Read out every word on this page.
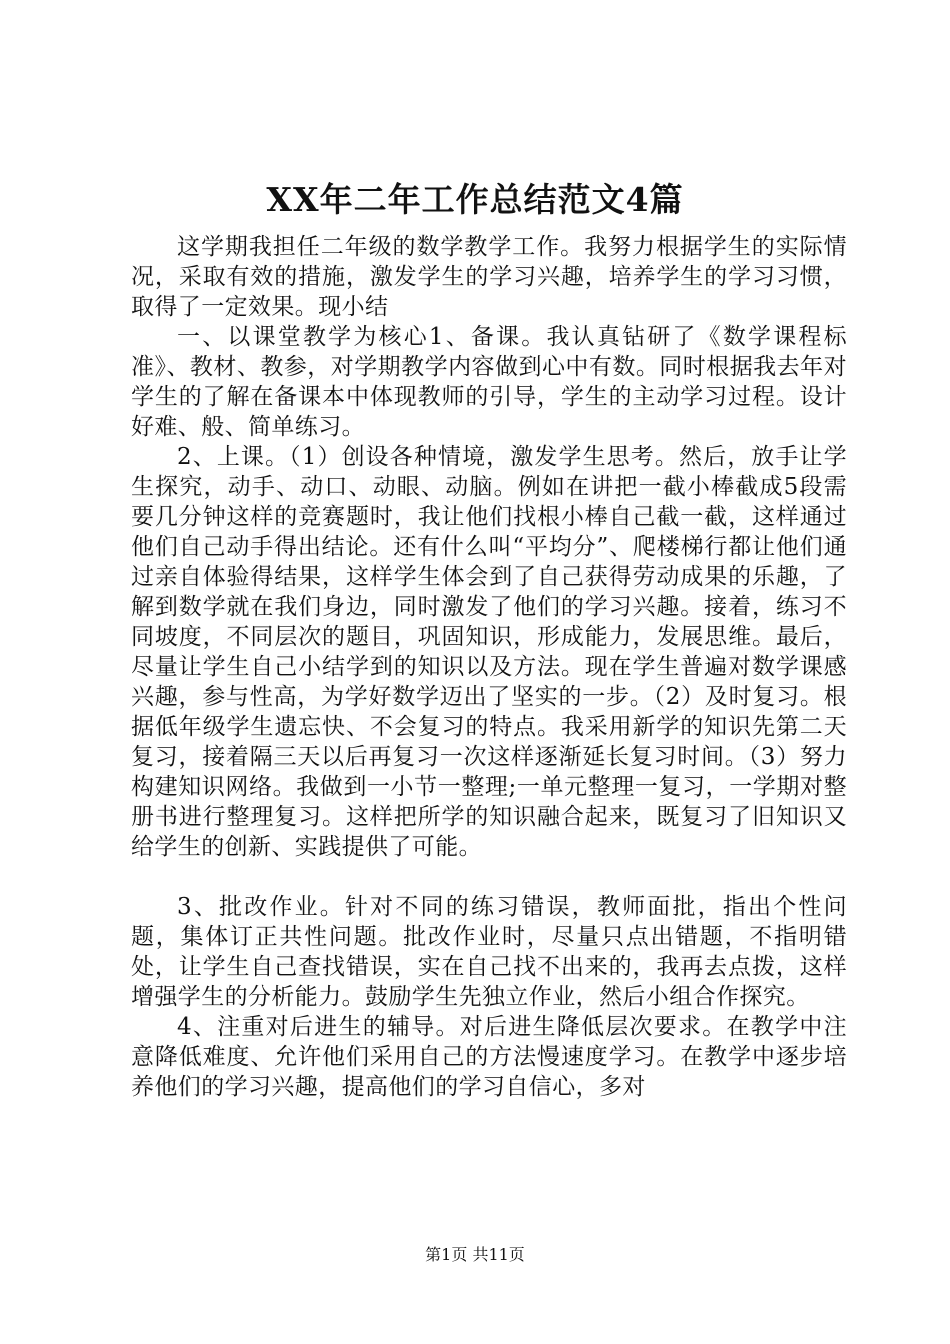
XX年二年工作总结范文4篇

这学期我担任二年级的数学教学工作。我努力根据学生的实际情况，采取有效的措施，激发学生的学习兴趣，培养学生的学习习惯，取得了一定效果。现小结

一、以课堂教学为核心1、备课。我认真钻研了《数学课程标准》、教材、教参，对学期教学内容做到心中有数。同时根据我去年对学生的了解在备课本中体现教师的引导，学生的主动学习过程。设计好难、般、简单练习。

2、上课。（1）创设各种情境，激发学生思考。然后，放手让学生探究，动手、动口、动眼、动脑。例如在讲把一截小棒截成5段需要几分钟这样的竞赛题时，我让他们找根小棒自己截一截，这样通过他们自己动手得出结论。还有什么叫“平均分”、爬楼梯行都让他们通过亲自体验得结果，这样学生体会到了自己获得劳动成果的乐趣，了解到数学就在我们身边，同时激发了他们的学习兴趣。接着，练习不同坡度，不同层次的题目，巩固知识，形成能力，发展思维。最后，尽量让学生自己小结学到的知识以及方法。现在学生普遍对数学课感兴趣，参与性高，为学好数学迈出了坚实的一步。（2）及时复习。根据低年级学生遗忘快、不会复习的特点。我采用新学的知识先第二天复习，接着隔三天以后再复习一次这样逐渐延长复习时间。（3）努力构建知识网络。我做到一小节一整理;一单元整理一复习，一学期对整册书进行整理复习。这样把所学的知识融合起来，既复习了旧知识又给学生的创新、实践提供了可能。

3、批改作业。针对不同的练习错误，教师面批，指出个性问题，集体订正共性问题。批改作业时，尽量只点出错题，不指明错处，让学生自己查找错误，实在自己找不出来的，我再去点拨，这样增强学生的分析能力。鼓励学生先独立作业，然后小组合作探究。

4、注重对后进生的辅导。对后进生降低层次要求。在教学中注意降低难度、允许他们采用自己的方法慢速度学习。在教学中逐步培养他们的学习兴趣，提高他们的学习自信心，多对

第1页 共11页
